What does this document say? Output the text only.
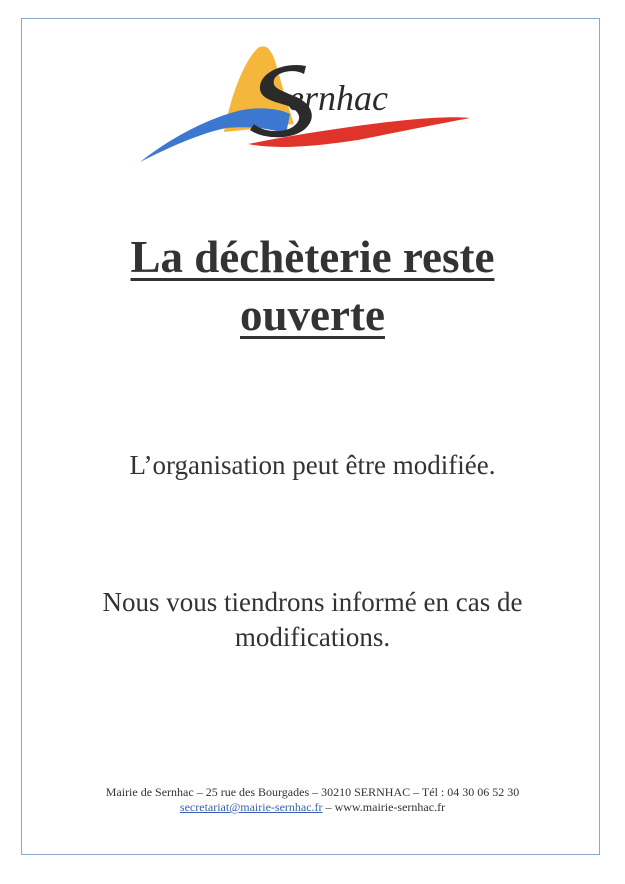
ernhac
La déchèterie reste
ouverte

L’organisation peut être modifiée.

Nous vous tiendrons informé en cas de
modifications.

Mairie de Sernhac – 25 rue des Bourgades – 30210 SERNHAC – Tél : 04 30 06 52 30
secretariat@mairie-sernhac.fr – www.mairie-sernhac.fr
